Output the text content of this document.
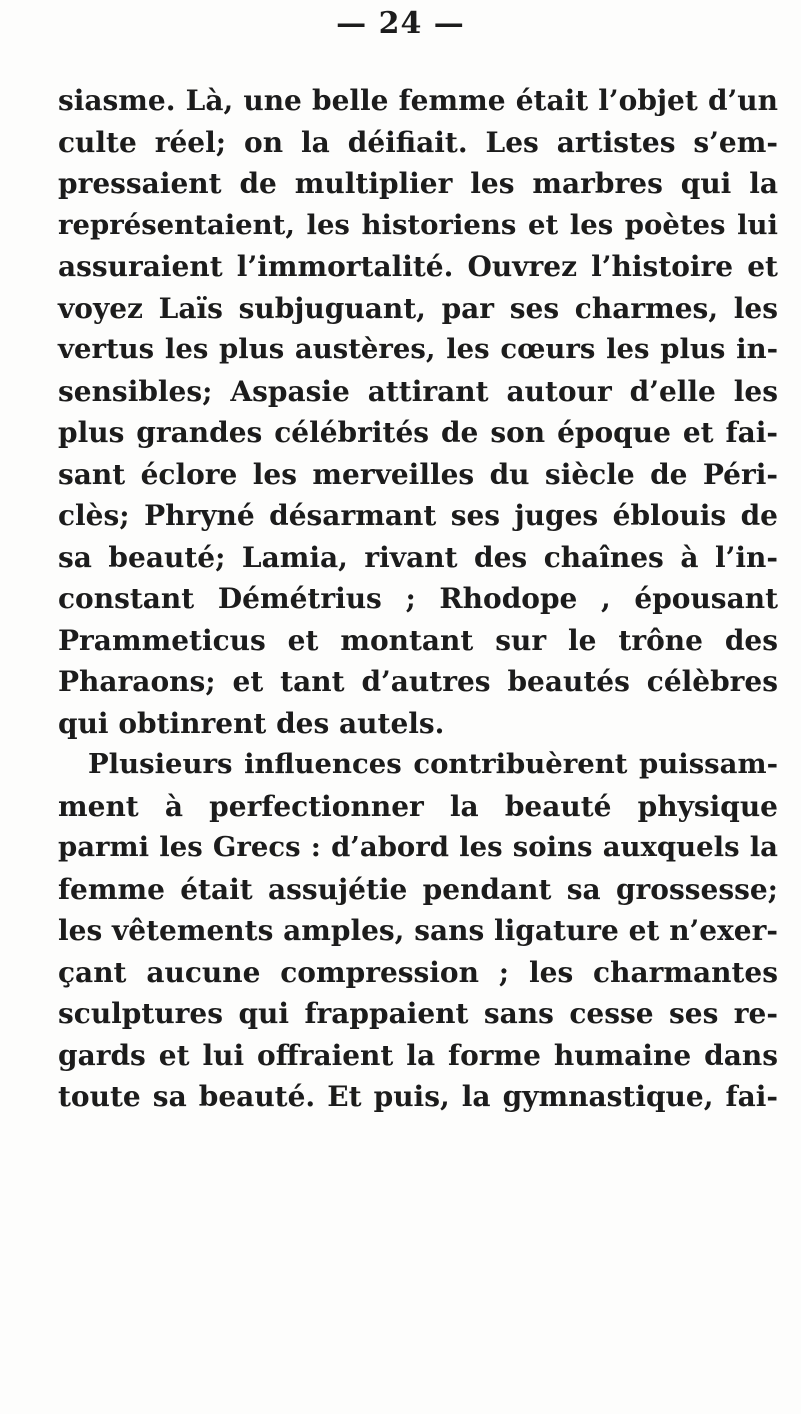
— 24 —
siasme. Là, une belle femme était l’objet d’un
culte réel; on la déifiait. Les artistes s’em-
pressaient de multiplier les marbres qui la
représentaient, les historiens et les poètes lui
assuraient l’immortalité. Ouvrez l’histoire et
voyez Laïs subjuguant, par ses charmes, les
vertus les plus austères, les cœurs les plus in-
sensibles; Aspasie attirant autour d’elle les
plus grandes célébrités de son époque et fai-
sant éclore les merveilles du siècle de Péri-
clès; Phryné désarmant ses juges éblouis de
sa beauté; Lamia, rivant des chaînes à l’in-
constant Démétrius ; Rhodope , épousant
Prammeticus et montant sur le trône des
Pharaons; et tant d’autres beautés célèbres
qui obtinrent des autels.
Plusieurs influences contribuèrent puissam-
ment à perfectionner la beauté physique
parmi les Grecs : d’abord les soins auxquels la
femme était assujétie pendant sa grossesse;
les vêtements amples, sans ligature et n’exer-
çant aucune compression ; les charmantes
sculptures qui frappaient sans cesse ses re-
gards et lui offraient la forme humaine dans
toute sa beauté. Et puis, la gymnastique, fai-
